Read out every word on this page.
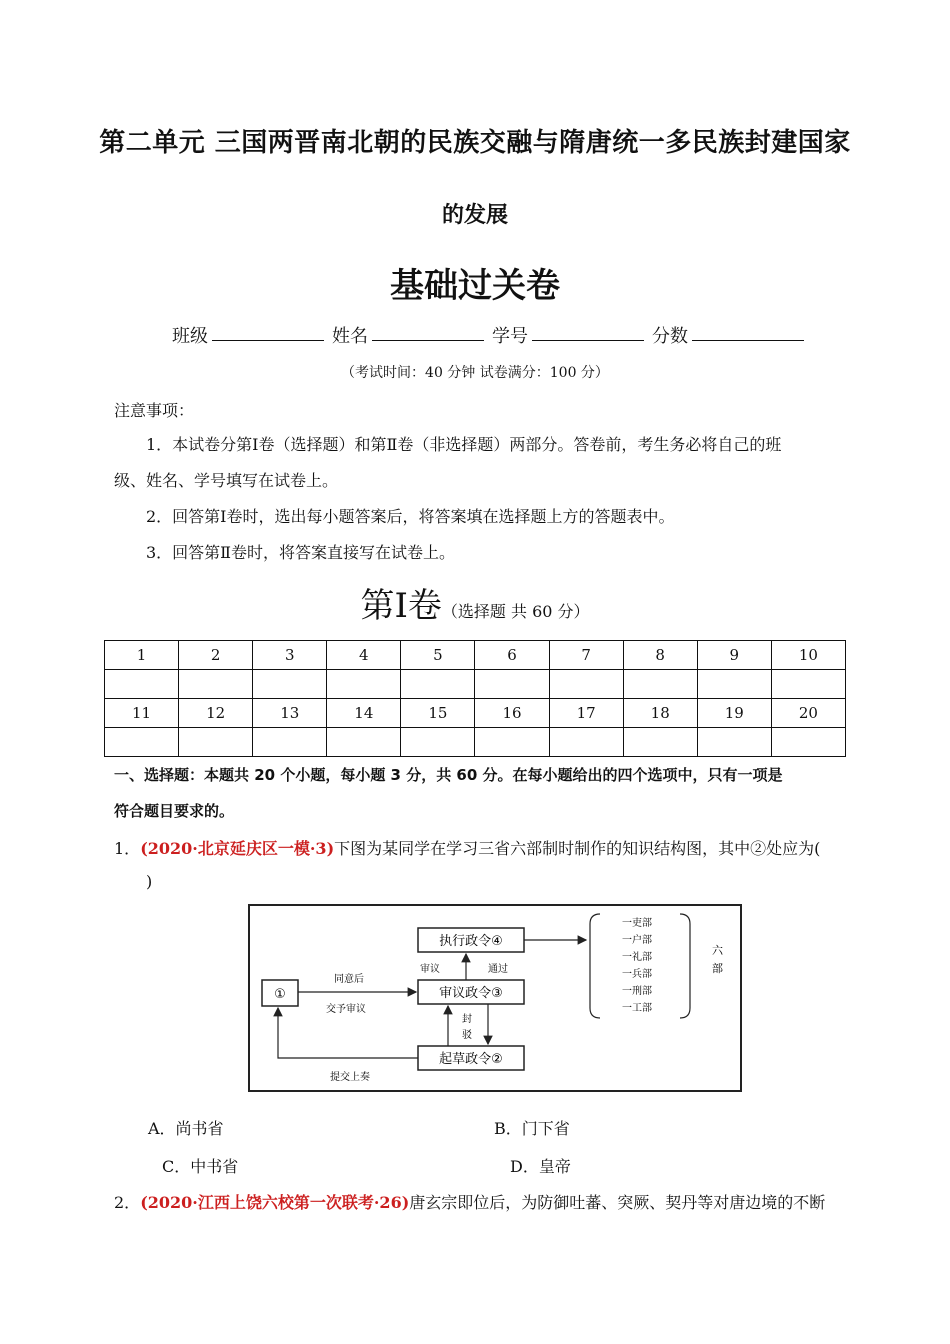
第二单元 三国两晋南北朝的民族交融与隋唐统一多民族封建国家
的发展
基础过关卷
班级	姓名	学号	分数
（考试时间：40 分钟 试卷满分：100 分）
注意事项：
1．本试卷分第Ⅰ卷（选择题）和第Ⅱ卷（非选择题）两部分。答卷前，考生务必将自己的班
级、姓名、学号填写在试卷上。
2．回答第Ⅰ卷时，选出每小题答案后，将答案填在选择题上方的答题表中。
3．回答第Ⅱ卷时，将答案直接写在试卷上。
第Ⅰ卷（选择题 共 60 分）
1	2	3	4	5	6	7	8	9	10

11	12	13	14	15	16	17	18	19	20

一、选择题：本题共 20 个小题，每小题 3 分，共 60 分。在每小题给出的四个选项中，只有一项是
符合题目要求的。
1．(2020·北京延庆区一模·3)下图为某同学在学习三省六部制时制作的知识结构图，其中②处应为(
)
执行政令④
审议政令③
起草政令②
①
同意后
交予审议
审议	通过
封
驳
提交上奏
一吏部
一户部
一礼部
一兵部
一刑部
一工部
六
部
A．尚书省	B．门下省
C．中书省	D．皇帝
2．(2020·江西上饶六校第一次联考·26)唐玄宗即位后，为防御吐蕃、突厥、契丹等对唐边境的不断
